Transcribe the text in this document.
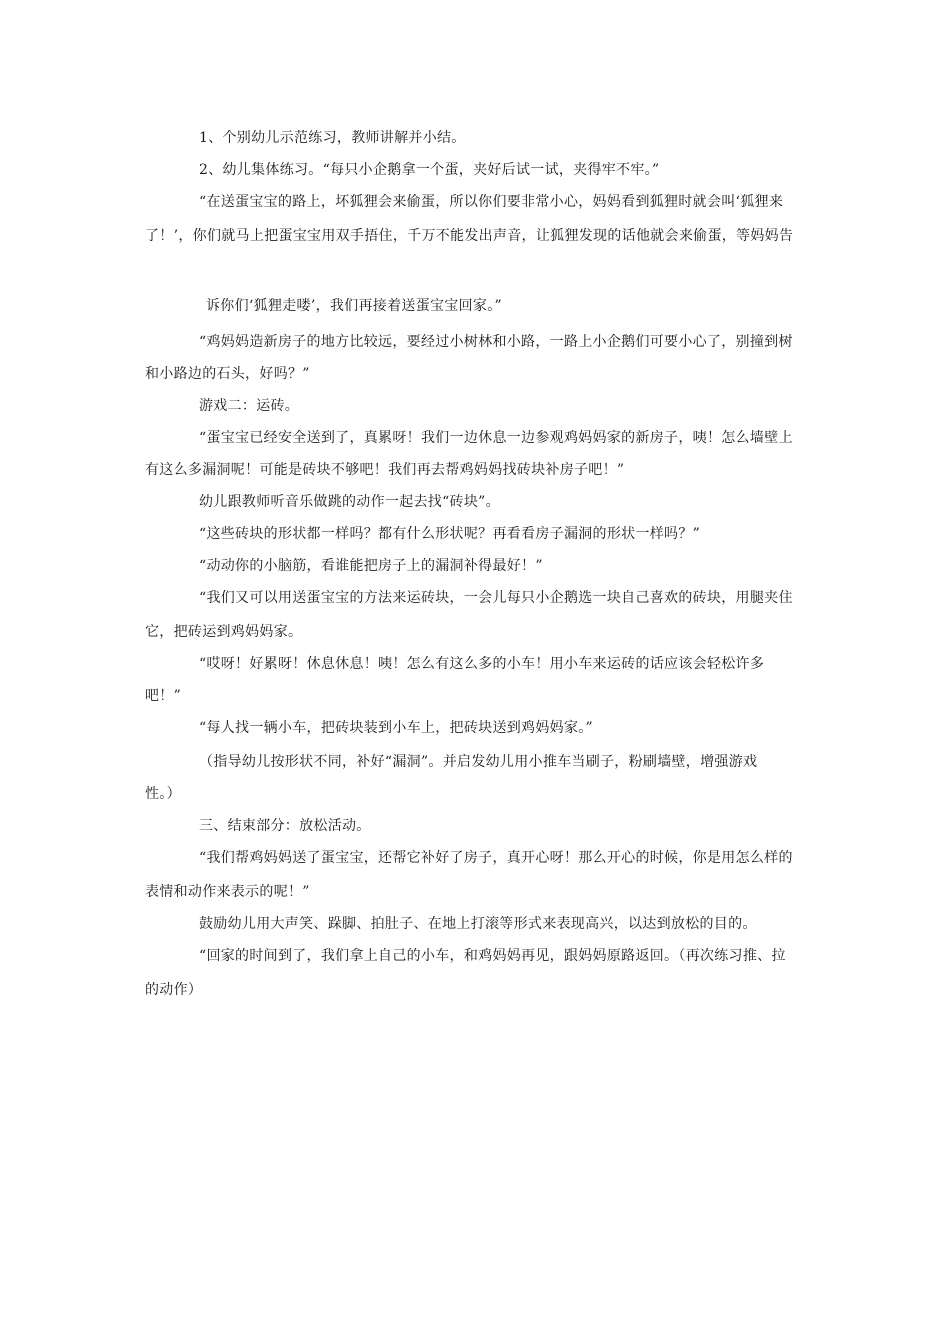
1、个别幼儿示范练习，教师讲解并小结。

2、幼儿集体练习。“每只小企鹅拿一个蛋，夹好后试一试，夹得牢不牢。”

“在送蛋宝宝的路上，坏狐狸会来偷蛋，所以你们要非常小心，妈妈看到狐狸时就会叫‘狐狸来

了！’，你们就马上把蛋宝宝用双手捂住，千万不能发出声音，让狐狸发现的话他就会来偷蛋，等妈妈告

诉你们‘狐狸走喽’，我们再接着送蛋宝宝回家。”

“鸡妈妈造新房子的地方比较远，要经过小树林和小路，一路上小企鹅们可要小心了，别撞到树

和小路边的石头，好吗？”

游戏二：运砖。

“蛋宝宝已经安全送到了，真累呀！我们一边休息一边参观鸡妈妈家的新房子，咦！怎么墙壁上

有这么多漏洞呢！可能是砖块不够吧！我们再去帮鸡妈妈找砖块补房子吧！”

幼儿跟教师听音乐做跳的动作一起去找“砖块”。

“这些砖块的形状都一样吗？都有什么形状呢？再看看房子漏洞的形状一样吗？”

“动动你的小脑筋，看谁能把房子上的漏洞补得最好！”

“我们又可以用送蛋宝宝的方法来运砖块，一会儿每只小企鹅选一块自己喜欢的砖块，用腿夹住

它，把砖运到鸡妈妈家。

“哎呀！好累呀！休息休息！咦！怎么有这么多的小车！用小车来运砖的话应该会轻松许多

吧！”

“每人找一辆小车，把砖块装到小车上，把砖块送到鸡妈妈家。”

（指导幼儿按形状不同，补好“漏洞”。并启发幼儿用小推车当刷子，粉刷墙壁，增强游戏

性。）

三、结束部分：放松活动。

“我们帮鸡妈妈送了蛋宝宝，还帮它补好了房子，真开心呀！那么开心的时候，你是用怎么样的

表情和动作来表示的呢！”

鼓励幼儿用大声笑、跺脚、拍肚子、在地上打滚等形式来表现高兴，以达到放松的目的。

“回家的时间到了，我们拿上自己的小车，和鸡妈妈再见，跟妈妈原路返回。（再次练习推、拉

的动作）
